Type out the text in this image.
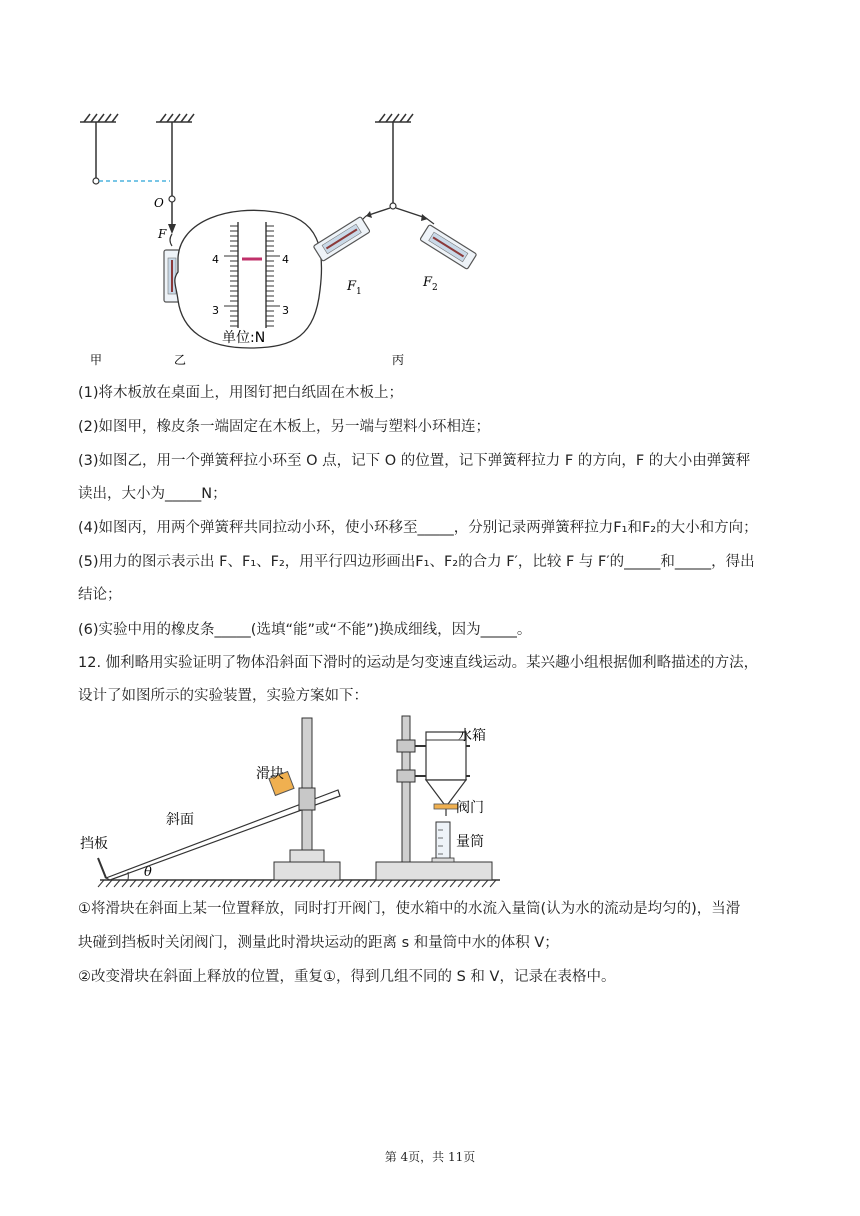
O
F
4
3
4
3
单位:N
$F_1$
$F_2$
甲	乙	丙
(1)将木板放在桌面上，用图钉把白纸固在木板上；
(2)如图甲，橡皮条一端固定在木板上，另一端与塑料小环相连；
(3)如图乙，用一个弹簧秤拉小环至 O 点，记下 O 的位置，记下弹簧秤拉力 F 的方向，F 的大小由弹簧秤
读出，大小为_____N；
(4)如图丙，用两个弹簧秤共同拉动小环，使小环移至_____，分别记录两弹簧秤拉力F₁和F₂的大小和方向；
(5)用力的图示表示出 F、F₁、F₂，用平行四边形画出F₁、F₂的合力 F′，比较 F 与 F′的_____和_____，得出
结论；
(6)实验中用的橡皮条_____(选填“能”或“不能”)换成细线，因为_____。
12. 伽利略用实验证明了物体沿斜面下滑时的运动是匀变速直线运动。某兴趣小组根据伽利略描述的方法，
设计了如图所示的实验装置，实验方案如下：
挡板
斜面
θ
滑块
水箱
阀门
量筒
①将滑块在斜面上某一位置释放，同时打开阀门，使水箱中的水流入量筒(认为水的流动是均匀的)，当滑
块碰到挡板时关闭阀门，测量此时滑块运动的距离 s 和量筒中水的体积 V；
②改变滑块在斜面上释放的位置，重复①，得到几组不同的 S 和 V，记录在表格中。
第 4页，共 11页
